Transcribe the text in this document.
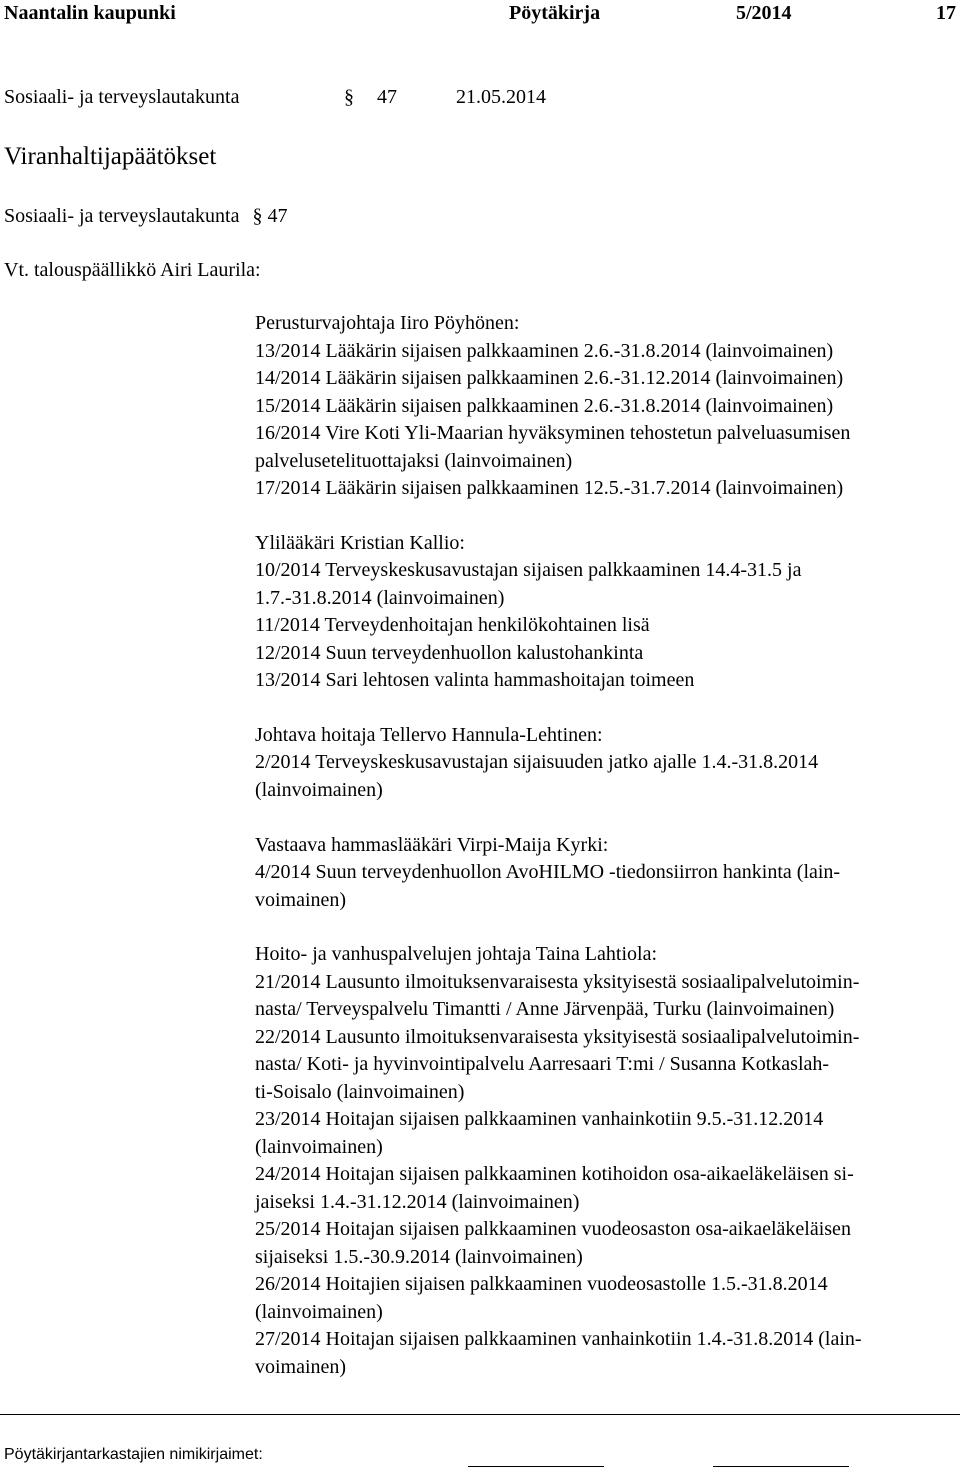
Naantalin kaupunki	Pöytäkirja	5/2014	17
Sosiaali- ja terveyslautakunta	§ 47	21.05.2014
Viranhaltijapäätökset
Sosiaali- ja terveyslautakunta § 47
Vt. talouspäällikkö Airi Laurila:
Perusturvajohtaja Iiro Pöyhönen:
13/2014 Lääkärin sijaisen palkkaaminen 2.6.-31.8.2014 (lainvoimainen)
14/2014 Lääkärin sijaisen palkkaaminen 2.6.-31.12.2014 (lainvoimainen)
15/2014 Lääkärin sijaisen palkkaaminen 2.6.-31.8.2014 (lainvoimainen)
16/2014 Vire Koti Yli-Maarian hyväksyminen tehostetun palveluasumisen
palvelusetelituottajaksi (lainvoimainen)
17/2014 Lääkärin sijaisen palkkaaminen 12.5.-31.7.2014 (lainvoimainen)
Ylilääkäri Kristian Kallio:
10/2014 Terveyskeskusavustajan sijaisen palkkaaminen 14.4-31.5 ja
1.7.-31.8.2014 (lainvoimainen)
11/2014 Terveydenhoitajan henkilökohtainen lisä
12/2014 Suun terveydenhuollon kalustohankinta
13/2014 Sari lehtosen valinta hammashoitajan toimeen
Johtava hoitaja Tellervo Hannula-Lehtinen:
2/2014 Terveyskeskusavustajan sijaisuuden jatko ajalle 1.4.-31.8.2014
(lainvoimainen)
Vastaava hammaslääkäri Virpi-Maija Kyrki:
4/2014 Suun terveydenhuollon AvoHILMO -tiedonsiirron hankinta (lain-
voimainen)
Hoito- ja vanhuspalvelujen johtaja Taina Lahtiola:
21/2014 Lausunto ilmoituksenvaraisesta yksityisestä sosiaalipalvelutoimin-
nasta/ Terveyspalvelu Timantti / Anne Järvenpää, Turku (lainvoimainen)
22/2014 Lausunto ilmoituksenvaraisesta yksityisestä sosiaalipalvelutoimin-
nasta/ Koti- ja hyvinvointipalvelu Aarresaari T:mi / Susanna Kotkaslah-
ti-Soisalo (lainvoimainen)
23/2014 Hoitajan sijaisen palkkaaminen vanhainkotiin 9.5.-31.12.2014
(lainvoimainen)
24/2014 Hoitajan sijaisen palkkaaminen kotihoidon osa-aikaeläkeläisen si-
jaiseksi 1.4.-31.12.2014 (lainvoimainen)
25/2014 Hoitajan sijaisen palkkaaminen vuodeosaston osa-aikaeläkeläisen
sijaiseksi 1.5.-30.9.2014 (lainvoimainen)
26/2014 Hoitajien sijaisen palkkaaminen vuodeosastolle 1.5.-31.8.2014
(lainvoimainen)
27/2014 Hoitajan sijaisen palkkaaminen vanhainkotiin 1.4.-31.8.2014 (lain-
voimainen)
Pöytäkirjantarkastajien nimikirjaimet:
